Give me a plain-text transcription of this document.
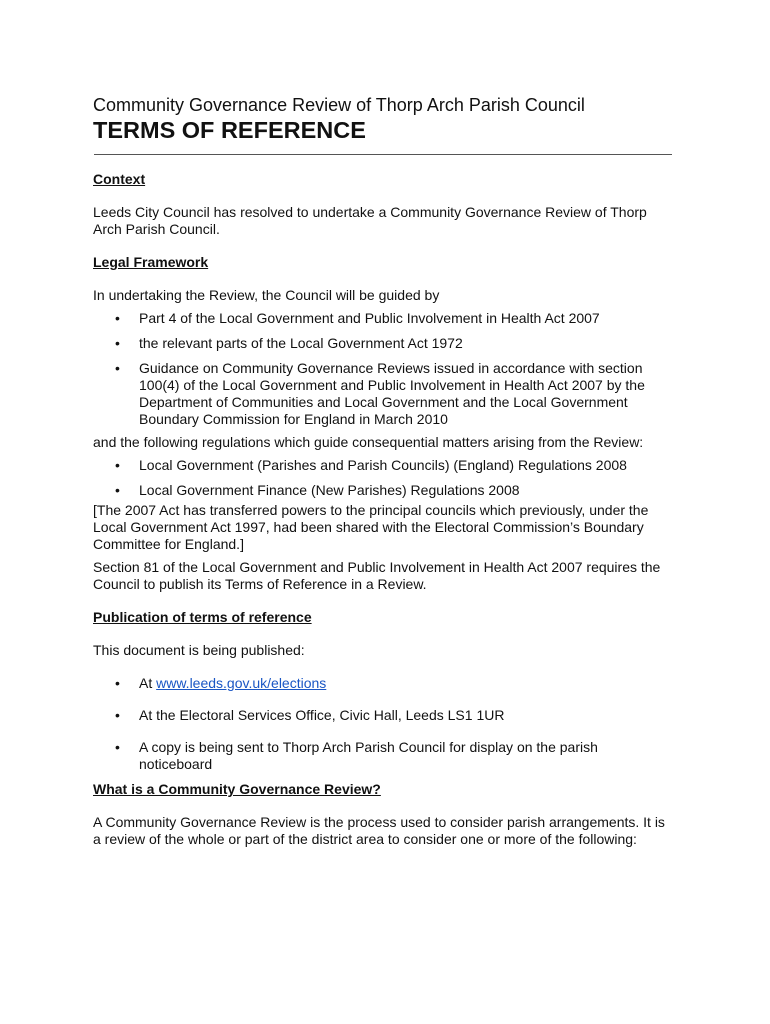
Community Governance Review of Thorp Arch Parish Council

TERMS OF REFERENCE

Context

Leeds City Council has resolved to undertake a Community Governance Review of Thorp Arch Parish Council.

Legal Framework

In undertaking the Review, the Council will be guided by

• Part 4 of the Local Government and Public Involvement in Health Act 2007
• the relevant parts of the Local Government Act 1972
• Guidance on Community Governance Reviews issued in accordance with section 100(4) of the Local Government and Public Involvement in Health Act 2007 by the Department of Communities and Local Government and the Local Government Boundary Commission for England in March 2010

and the following regulations which guide consequential matters arising from the Review:

• Local Government (Parishes and Parish Councils) (England) Regulations 2008
• Local Government Finance (New Parishes) Regulations 2008

[The 2007 Act has transferred powers to the principal councils which previously, under the Local Government Act 1997, had been shared with the Electoral Commission’s Boundary Committee for England.]

Section 81 of the Local Government and Public Involvement in Health Act 2007 requires the Council to publish its Terms of Reference in a Review.

Publication of terms of reference

This document is being published:

• At www.leeds.gov.uk/elections
• At the Electoral Services Office, Civic Hall, Leeds LS1 1UR
• A copy is being sent to Thorp Arch Parish Council for display on the parish noticeboard

What is a Community Governance Review?

A Community Governance Review is the process used to consider parish arrangements. It is a review of the whole or part of the district area to consider one or more of the following:
